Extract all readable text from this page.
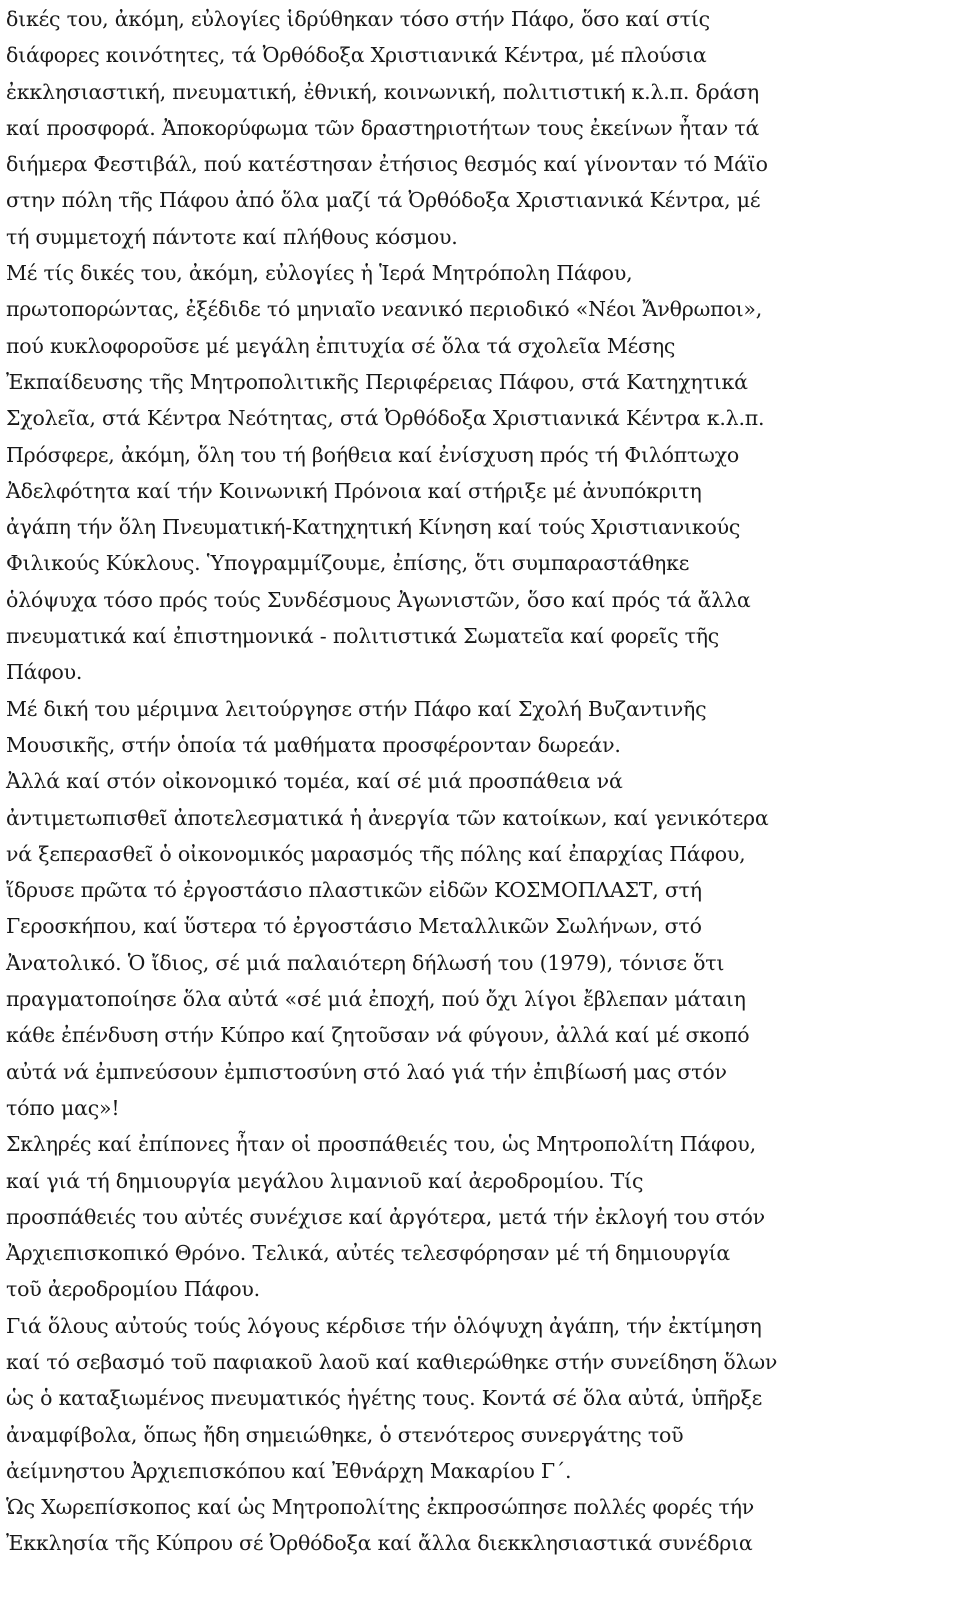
δικές του, ἀκόμη, εὐλογίες ἱδρύθηκαν τόσο στήν Πάφο, ὅσο καί στίς
διάφορες κοινότητες, τά Ὀρθόδοξα Χριστιανικά Κέντρα, μέ πλούσια
ἐκκλησιαστική, πνευματική, ἐθνική, κοινωνική, πολιτιστική κ.λ.π. δράση
καί προσφορά. Ἀποκορύφωμα τῶν δραστηριοτήτων τους ἐκείνων ἦταν τά
διήμερα Φεστιβάλ, πού κατέστησαν ἐτήσιος θεσμός καί γίνονταν τό Μάϊο
στην πόλη τῆς Πάφου ἀπό ὅλα μαζί τά Ὀρθόδοξα Χριστιανικά Κέντρα, μέ
τή συμμετοχή πάντοτε καί πλήθους κόσμου.
Μέ τίς δικές του, ἀκόμη, εὐλογίες ἡ Ἱερά Μητρόπολη Πάφου,
πρωτοπορώντας, ἐξέδιδε τό μηνιαῖο νεανικό περιοδικό «Νέοι Ἄνθρωποι»,
πού κυκλοφοροῦσε μέ μεγάλη ἐπιτυχία σέ ὅλα τά σχολεῖα Μέσης
Ἐκπαίδευσης τῆς Μητροπολιτικῆς Περιφέρειας Πάφου, στά Κατηχητικά
Σχολεῖα, στά Κέντρα Νεότητας, στά Ὀρθόδοξα Χριστιανικά Κέντρα κ.λ.π.
Πρόσφερε, ἀκόμη, ὅλη του τή βοήθεια καί ἐνίσχυση πρός τή Φιλόπτωχο
Ἀδελφότητα καί τήν Κοινωνική Πρόνοια καί στήριξε μέ ἀνυπόκριτη
ἀγάπη τήν ὅλη Πνευματική-Κατηχητική Κίνηση καί τούς Χριστιανικούς
Φιλικούς Κύκλους. Ὑπογραμμίζουμε, ἐπίσης, ὅτι συμπαραστάθηκε
ὁλόψυχα τόσο πρός τούς Συνδέσμους Ἀγωνιστῶν, ὅσο καί πρός τά ἄλλα
πνευματικά καί ἐπιστημονικά - πολιτιστικά Σωματεῖα καί φορεῖς τῆς
Πάφου.
Μέ δική του μέριμνα λειτούργησε στήν Πάφο καί Σχολή Βυζαντινῆς
Μουσικῆς, στήν ὁποία τά μαθήματα προσφέρονταν δωρεάν.
Ἀλλά καί στόν οἰκονομικό τομέα, καί σέ μιά προσπάθεια νά
ἀντιμετωπισθεῖ ἀποτελεσματικά ἡ ἀνεργία τῶν κατοίκων, καί γενικότερα
νά ξεπερασθεῖ ὁ οἰκονομικός μαρασμός τῆς πόλης καί ἐπαρχίας Πάφου,
ἵδρυσε πρῶτα τό ἐργοστάσιο πλαστικῶν εἰδῶν ΚΟΣΜΟΠΛΑΣΤ, στή
Γεροσκήπου, καί ὕστερα τό ἐργοστάσιο Μεταλλικῶν Σωλήνων, στό
Ἀνατολικό. Ὁ ἴδιος, σέ μιά παλαιότερη δήλωσή του (1979), τόνισε ὅτι
πραγματοποίησε ὅλα αὐτά «σέ μιά ἐποχή, πού ὄχι λίγοι ἔβλεπαν μάταιη
κάθε ἐπένδυση στήν Κύπρο καί ζητοῦσαν νά φύγουν, ἀλλά καί μέ σκοπό
αὐτά νά ἐμπνεύσουν ἐμπιστοσύνη στό λαό γιά τήν ἐπιβίωσή μας στόν
τόπο μας»!
Σκληρές καί ἐπίπονες ἦταν οἱ προσπάθειές του, ὡς Μητροπολίτη Πάφου,
καί γιά τή δημιουργία μεγάλου λιμανιοῦ καί ἀεροδρομίου. Τίς
προσπάθειές του αὐτές συνέχισε καί ἀργότερα, μετά τήν ἐκλογή του στόν
Ἀρχιεπισκοπικό Θρόνο. Τελικά, αὐτές τελεσφόρησαν μέ τή δημιουργία
τοῦ ἀεροδρομίου Πάφου.
Γιά ὅλους αὐτούς τούς λόγους κέρδισε τήν ὁλόψυχη ἀγάπη, τήν ἐκτίμηση
καί τό σεβασμό τοῦ παφιακοῦ λαοῦ καί καθιερώθηκε στήν συνείδηση ὅλων
ὡς ὁ καταξιωμένος πνευματικός ἡγέτης τους. Κοντά σέ ὅλα αὐτά, ὑπῆρξε
ἀναμφίβολα, ὅπως ἤδη σημειώθηκε, ὁ στενότερος συνεργάτης τοῦ
ἀείμνηστου Ἀρχιεπισκόπου καί Ἐθνάρχη Μακαρίου Γ΄.
Ὡς Χωρεπίσκοπος καί ὡς Μητροπολίτης ἐκπροσώπησε πολλές φορές τήν
Ἐκκλησία τῆς Κύπρου σέ Ὀρθόδοξα καί ἄλλα διεκκλησιαστικά συνέδρια
